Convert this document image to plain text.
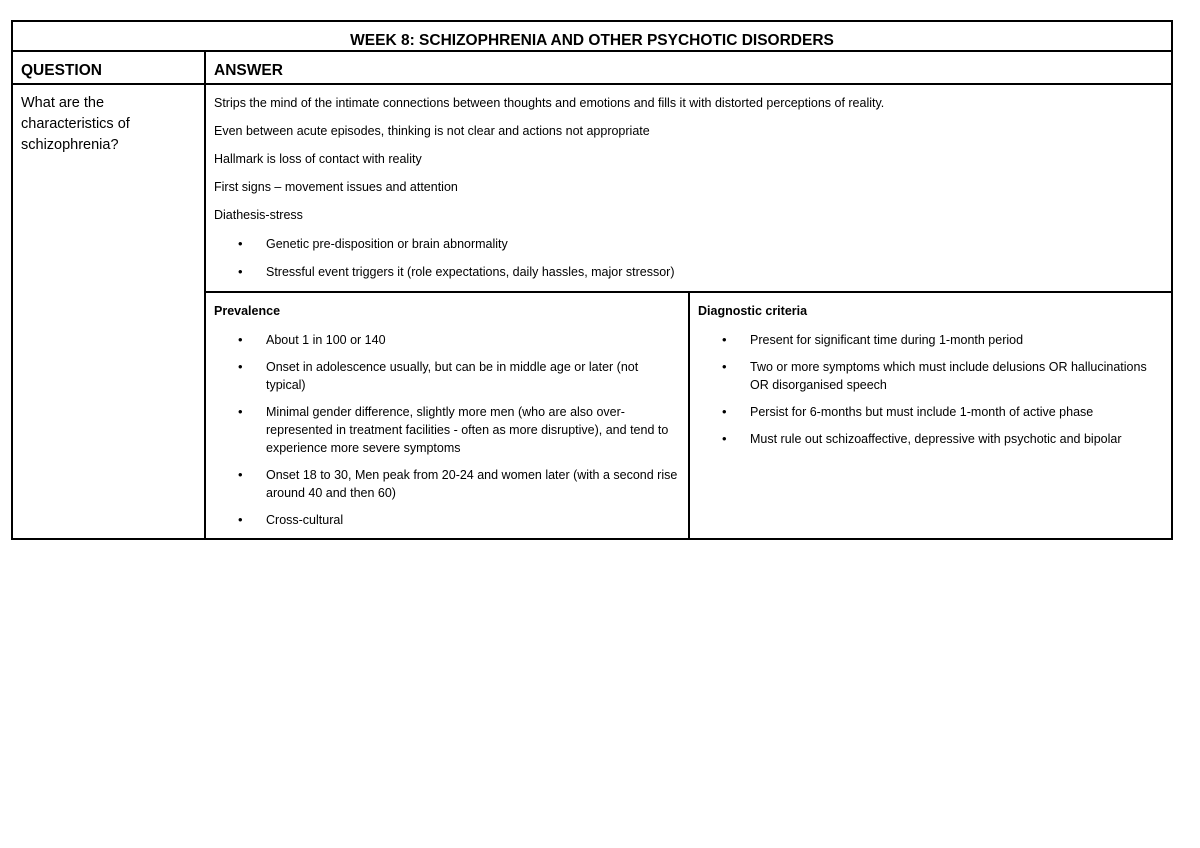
WEEK 8: SCHIZOPHRENIA AND OTHER PSYCHOTIC DISORDERS
QUESTION	ANSWER
What are the characteristics of schizophrenia?	

Strips the mind of the intimate connections between thoughts and emotions and fills it with distorted perceptions of reality.

Even between acute episodes, thinking is not clear and actions not appropriate

Hallmark is loss of contact with reality

First signs – movement issues and attention

Diathesis-stress

• Genetic pre-disposition or brain abnormality
• Stressful event triggers it (role expectations, daily hassles, major stressor)

Prevalence
• About 1 in 100 or 140
• Onset in adolescence usually, but can be in middle age or later (not typical)
• Minimal gender difference, slightly more men (who are also over-represented in treatment facilities - often as more disruptive), and tend to experience more severe symptoms
• Onset 18 to 30, Men peak from 20-24 and women later (with a second rise around 40 and then 60)
• Cross-cultural

Diagnostic criteria
• Present for significant time during 1-month period
• Two or more symptoms which must include delusions OR hallucinations OR disorganised speech
• Persist for 6-months but must include 1-month of active phase
• Must rule out schizoaffective, depressive with psychotic and bipolar
